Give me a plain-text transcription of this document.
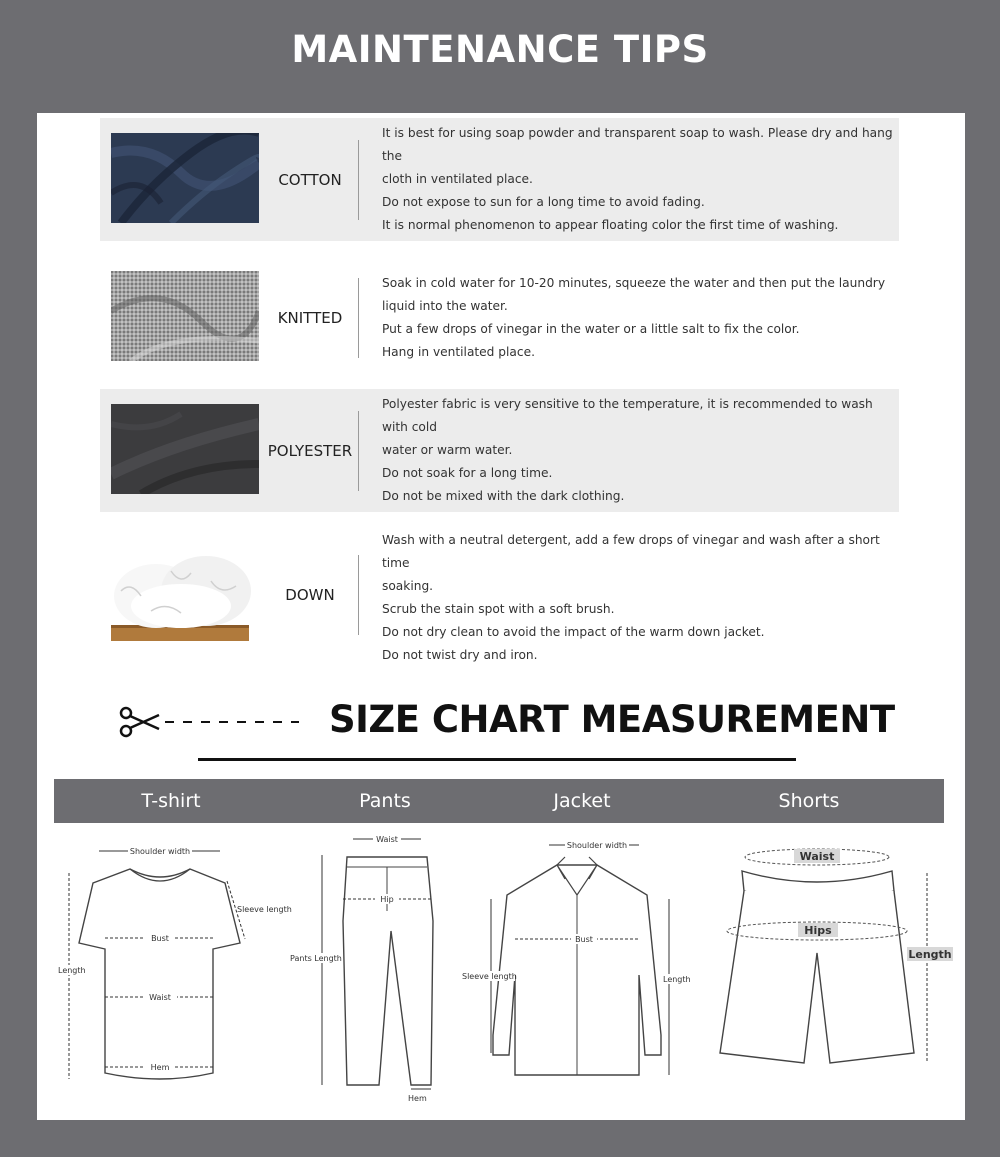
MAINTENANCE TIPS
COTTON

It is best for using soap powder and transparent soap to wash. Please dry and hang the

cloth in ventilated place.

Do not expose to sun for a long time to avoid fading.

It is normal phenomenon to appear floating color the first time of washing.

KNITTED

Soak in cold water for 10-20 minutes, squeeze the water and then put the laundry

liquid into the water.

Put a few drops of vinegar in the water or a little salt to fix the color.

Hang in ventilated place.

POLYESTER

Polyester fabric is very sensitive to the temperature, it is recommended to wash with cold

water or warm water.

Do not soak for a long time.

Do not be mixed with the dark clothing.

DOWN

Wash with a neutral detergent, add a few drops of vinegar and wash after a short time

soaking.

Scrub the stain spot with a soft brush.

Do not dry clean to avoid the impact of the warm down jacket.

Do not twist dry and iron.

SIZE CHART MEASUREMENT
T-shirt	Pants	Jacket	Shorts
Shoulder width
Sleeve length
Bust
Length
Waist
Hem
Waist
Hip
Pants Length
Hem
Shoulder width
Bust
Sleeve length	Length
Waist
Hips
Length
